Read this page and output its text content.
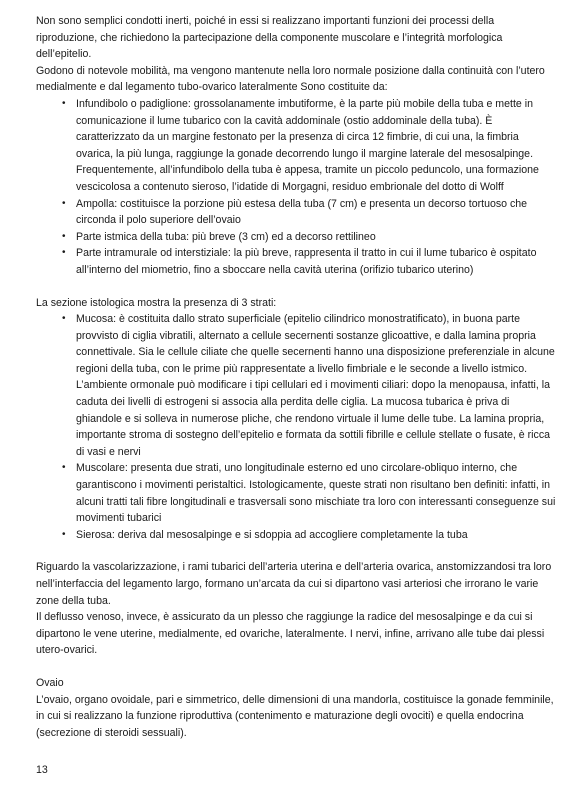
Non sono semplici condotti inerti, poiché in essi si realizzano importanti funzioni dei processi della riproduzione, che richiedono la partecipazione della componente muscolare e l’integrità morfologica dell’epitelio.

Godono di notevole mobilità, ma vengono mantenute nella loro normale posizione dalla continuità con l’utero medialmente e dal legamento tubo-ovarico lateralmente Sono costituite da:

• Infundibolo o padiglione: grossolanamente imbutiforme, è la parte più mobile della tuba e mette in comunicazione il lume tubarico con la cavità addominale (ostio addominale della tuba). È caratterizzato da un margine festonato per la presenza di circa 12 fimbrie, di cui una, la fimbria ovarica, la più lunga, raggiunge la gonade decorrendo lungo il margine laterale del mesosalpinge. Frequentemente, all’infundibolo della tuba è appesa, tramite un piccolo peduncolo, una formazione vescicolosa a contenuto sieroso, l’idatide di Morgagni, residuo embrionale del dotto di Wolff
• Ampolla: costituisce la porzione più estesa della tuba (7 cm) e presenta un decorso tortuoso che circonda il polo superiore dell’ovaio
• Parte istmica della tuba: più breve (3 cm) ed a decorso rettilineo
• Parte intramurale od interstiziale: la più breve, rappresenta il tratto in cui il lume tubarico è ospitato all’interno del miometrio, fino a sboccare nella cavità uterina (orifizio tubarico uterino)

La sezione istologica mostra la presenza di 3 strati:

• Mucosa: è costituita dallo strato superficiale (epitelio cilindrico monostratificato), in buona parte provvisto di ciglia vibratili, alternato a cellule secernenti sostanze glicoattive, e dalla lamina propria connettivale. Sia le cellule ciliate che quelle secernenti hanno una disposizione preferenziale in alcune regioni della tuba, con le prime più rappresentate a livello fimbriale e le seconde a livello istmico. L’ambiente ormonale può modificare i tipi cellulari ed i movimenti ciliari: dopo la menopausa, infatti, la caduta dei livelli di estrogeni si associa alla perdita delle ciglia. La mucosa tubarica è priva di ghiandole e si solleva in numerose pliche, che rendono virtuale il lume delle tube. La lamina propria, importante stroma di sostegno dell’epitelio e formata da sottili fibrille e cellule stellate o fusate, è ricca di vasi e nervi
• Muscolare: presenta due strati, uno longitudinale esterno ed uno circolare-obliquo interno, che garantiscono i movimenti peristaltici. Istologicamente, queste strati non risultano ben definiti: infatti, in alcuni tratti tali fibre longitudinali e trasversali sono mischiate tra loro con interessanti conseguenze sui movimenti tubarici
• Sierosa: deriva dal mesosalpinge e si sdoppia ad accogliere completamente la tuba

Riguardo la vascolarizzazione, i rami tubarici dell’arteria uterina e dell’arteria ovarica, anstomizzandosi tra loro nell’interfaccia del legamento largo, formano un’arcata da cui si dipartono vasi arteriosi che irrorano le varie zone della tuba.

Il deflusso venoso, invece, è assicurato da un plesso che raggiunge la radice del mesosalpinge e da cui si dipartono le vene uterine, medialmente, ed ovariche, lateralmente. I nervi, infine, arrivano alle tube dai plessi utero-ovarici.

Ovaio

L’ovaio, organo ovoidale, pari e simmetrico, delle dimensioni di una mandorla, costituisce la gonade femminile, in cui si realizzano la funzione riproduttiva (contenimento e maturazione degli ovociti) e quella endocrina (secrezione di steroidi sessuali).

13
